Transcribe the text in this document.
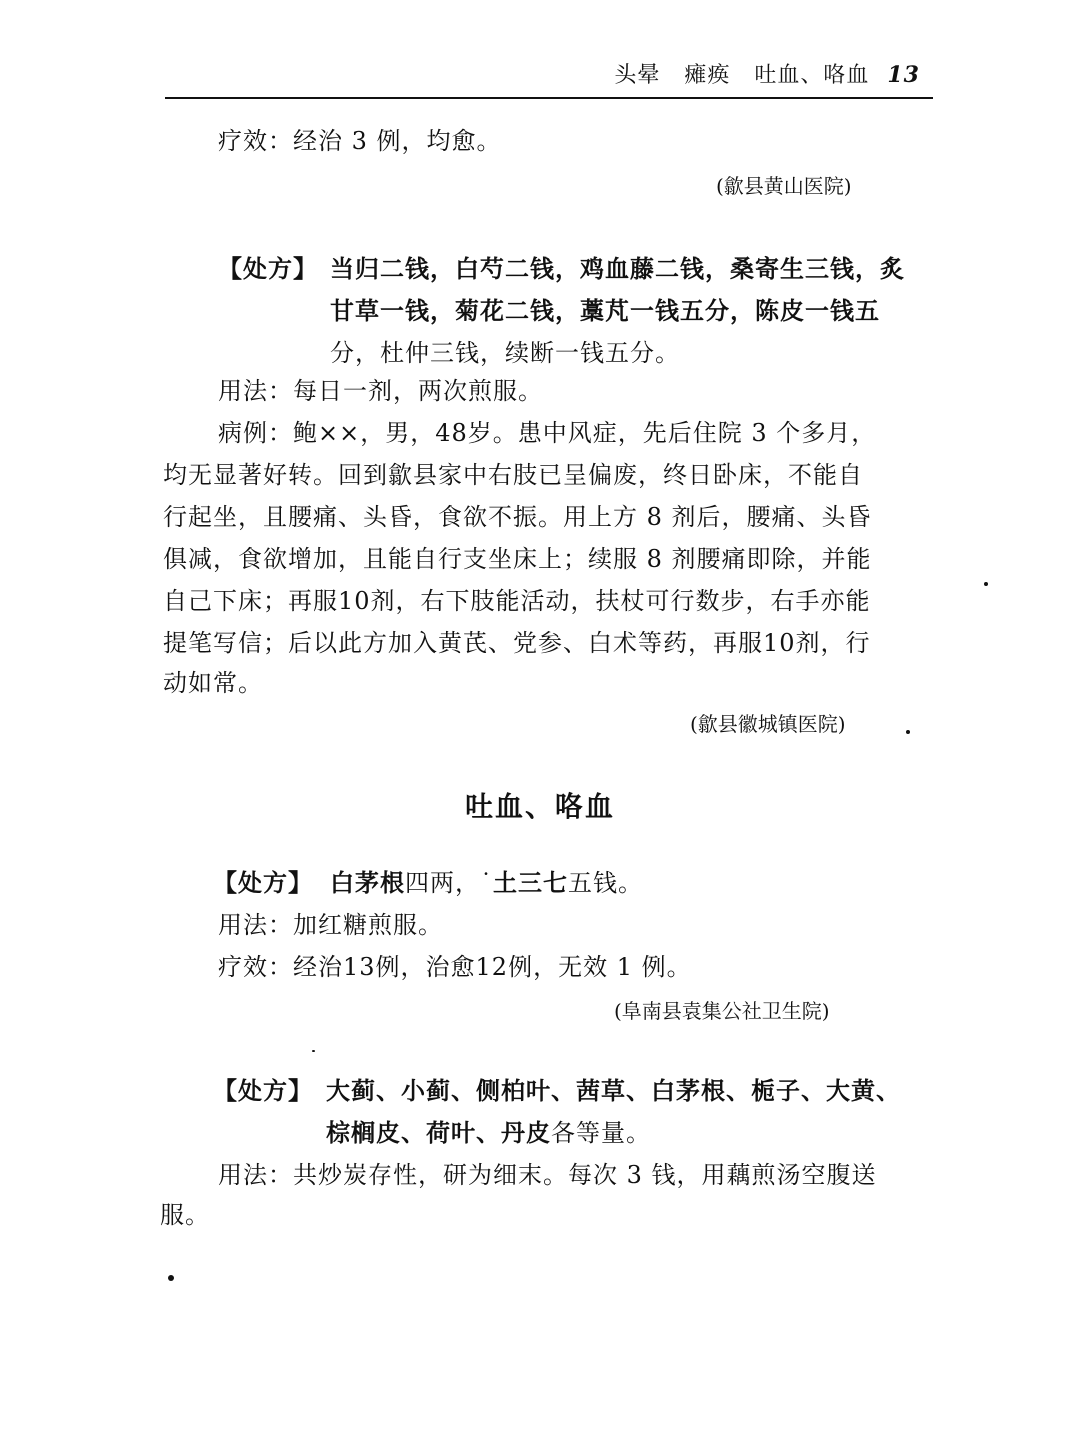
头晕 瘫痪 吐血、咯血 13
疗效：经治 3 例，均愈。
(歙县黄山医院)
【处方】 当归二钱，白芍二钱，鸡血藤二钱，桑寄生三钱，炙
甘草一钱，菊花二钱，藁芃一钱五分，陈皮一钱五
分，杜仲三钱，续断一钱五分。
用法：每日一剂，两次煎服。
病例：鲍××，男，48岁。患中风症，先后住院 3 个多月，
均无显著好转。回到歙县家中右肢已呈偏废，终日卧床，不能自
行起坐，且腰痛、头昏，食欲不振。用上方 8 剂后，腰痛、头昏
俱减，食欲增加，且能自行支坐床上；续服 8 剂腰痛即除，并能
自己下床；再服10剂，右下肢能活动，扶杖可行数步，右手亦能
提笔写信；后以此方加入黄芪、党参、白术等药，再服10剂，行
动如常。
(歙县徽城镇医院)
吐血、咯血
【处方】 白茅根四两，˙土三七五钱。
用法：加红糖煎服。
疗效：经治13例，治愈12例，无效 1 例。
(阜南县袁集公社卫生院)
【处方】 大蓟、小蓟、侧柏叶、茜草、白茅根、栀子、大黄、
棕榈皮、荷叶、丹皮各等量。
用法：共炒炭存性，研为细末。每次 3 钱，用藕煎汤空腹送
服。
